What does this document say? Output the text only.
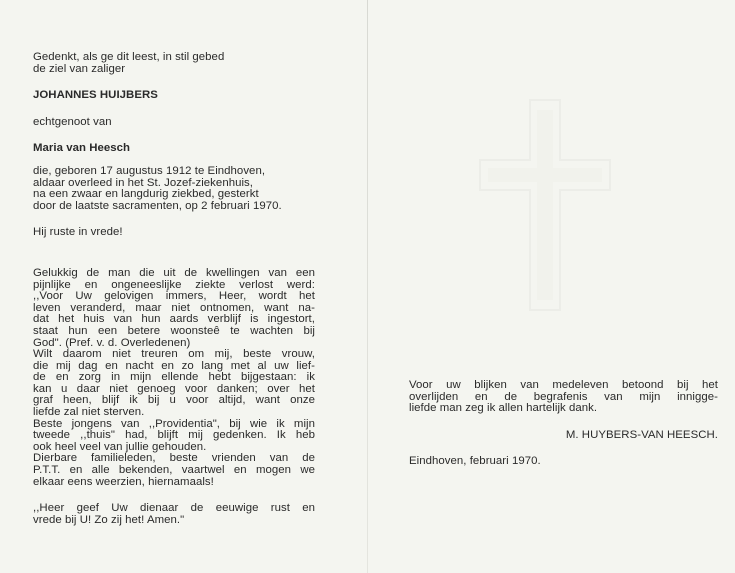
Gedenkt, als ge dit leest, in stil gebed

de ziel van zaliger

JOHANNES HUIJBERS

echtgenoot van

Maria van Heesch

die, geboren 17 augustus 1912 te Eindhoven,

aldaar overleed in het St. Jozef-ziekenhuis,

na een zwaar en langdurig ziekbed, gesterkt

door de laatste sacramenten, op 2 februari 1970.

Hij ruste in vrede!

Gelukkig de man die uit de kwellingen van een
pijnlijke en ongeneeslijke ziekte verlost werd:
,,Voor Uw gelovigen immers, Heer, wordt het
leven veranderd, maar niet ontnomen, want na-
dat het huis van hun aards verblijf is ingestort,
staat hun een betere woonsteê te wachten bij
God". (Pref. v. d. Overledenen)
Wilt daarom niet treuren om mij, beste vrouw,
die mij dag en nacht en zo lang met al uw lief-
de en zorg in mijn ellende hebt bijgestaan: ik
kan u daar niet genoeg voor danken; over het
graf heen, blijf ik bij u voor altijd, want onze
liefde zal niet sterven.
Beste jongens van ,,Providentia", bij wie ik mijn
tweede ,,thuis" had, blijft mij gedenken. Ik heb
ook heel veel van jullie gehouden.
Dierbare familieleden, beste vrienden van de
P.T.T. en alle bekenden, vaartwel en mogen we
elkaar eens weerzien, hiernamaals!
,,Heer geef Uw dienaar de eeuwige rust en
vrede bij U! Zo zij het! Amen."
Voor uw blijken van medeleven betoond bij het
overlijden en de begrafenis van mijn innigge-
liefde man zeg ik allen hartelijk dank.

M. HUYBERS-VAN HEESCH.

Eindhoven, februari 1970.
